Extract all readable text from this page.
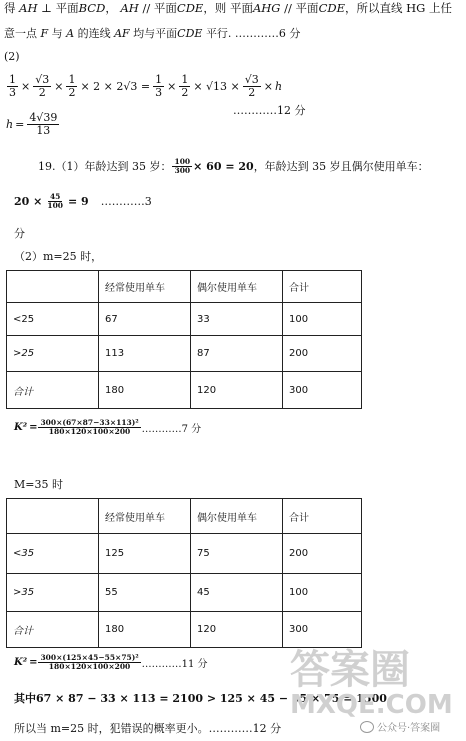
得 AH ⊥ 平面BCD， AH // 平面CDE，则 平面AHG // 平面CDE，所以直线 HG 上任
意一点 F 与 A 的连线 AF 均与平面CDE 平行. …………6 分
(2)
$\frac{1}{3} \times \frac{√3}{2} \times \frac{1}{2} \times 2 \times 2√3 = \frac{1}{3} \times \frac{1}{2} \times √13 \times \frac{√3}{2} \times h$
$h = \frac{4√39}{13}$
…………12 分
19.（1）年龄达到 35 岁： $\frac{100}{300} \times 60 = 20$ ，年龄达到 35 岁且偶尔使用单车：
$20 \times \frac{45}{100} = 9$ …………3
分
（2）m=25 时，
	经常使用单车	偶尔使用单车	合计
<25	67	33	100
>25	113	87	200
合计	180	120	300
$K^2 = \frac{\text{300×(67×87−33×113)²}}{180\times 120\times 100\times 200}$ …………7 分
M=35 时
	经常使用单车	偶尔使用单车	合计
<35	125	75	200
>35	55	45	100
合计	180	120	300
$K^2 = \frac{\text{300×(125×45−55×75)²}}{180\times 120\times 100\times 200}$ …………11 分
其中67 × 87 − 33 × 113 = 2100 > 125 × 45 − 55 × 75 = 1500
所以当 m=25 时，犯错误的概率更小。…………12 分
答案圈
MXQE.COM
公众号·答案圈
